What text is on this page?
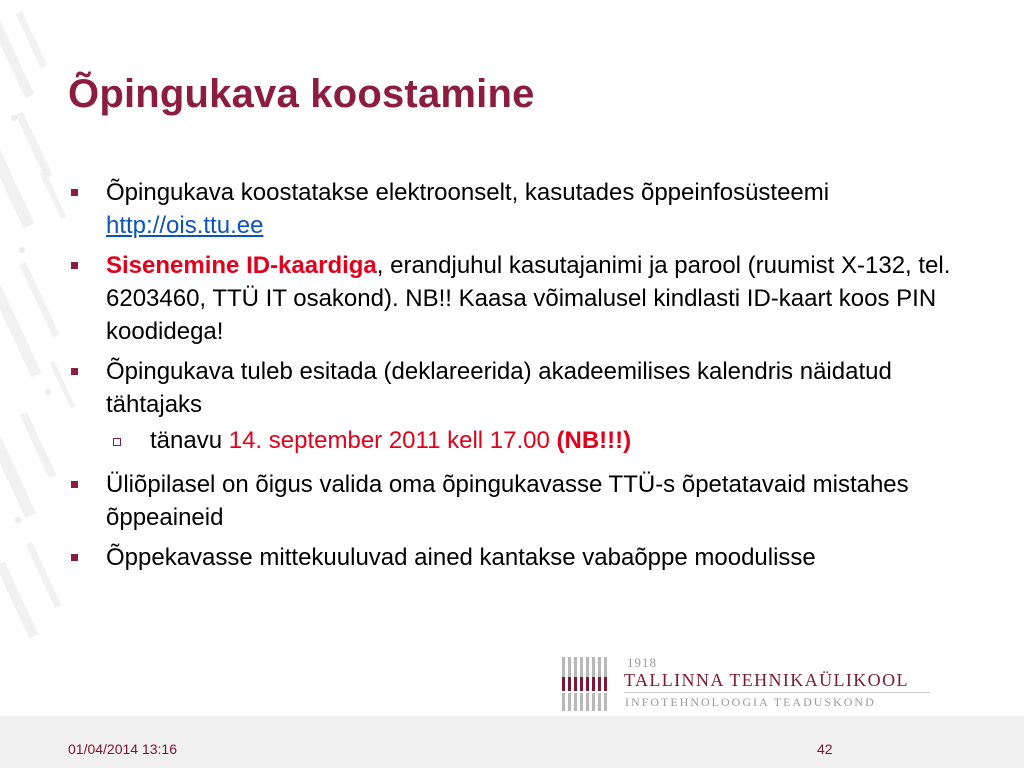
Õpingukava koostamine
Õpingukava koostatakse elektroonselt, kasutades õppeinfosüsteemi http://ois.ttu.ee
Sisenemine ID-kaardiga, erandjuhul kasutajanimi ja parool (ruumist X-132, tel. 6203460, TTÜ IT osakond). NB!! Kaasa võimalusel kindlasti ID-kaart koos PIN koodidega!
Õpingukava tuleb esitada (deklareerida) akadeemilises kalendris näidatud tähtajaks
tänavu 14. september 2011 kell 17.00 (NB!!!)
Üliõpilasel on õigus valida oma õpingukavasse TTÜ-s õpetatavaid mistahes õppeaineid
Õppekavasse mittekuuluvad ained kantakse vabaõppe moodulisse
1918
TALLINNA TEHNIKAÜLIKOOL
INFOTEHNOLOOGIA TEADUSKOND
01/04/2014 13:16	42
